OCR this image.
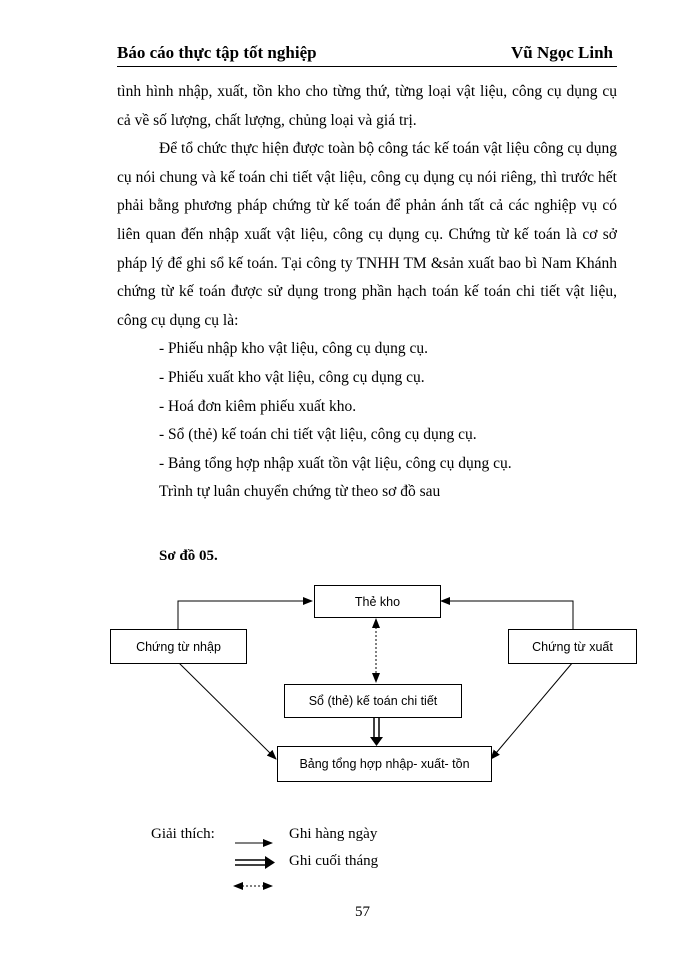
Báo cáo thực tập tốt nghiệp	Vũ Ngọc Linh

tình hình nhập, xuất, tồn kho cho từng thứ, từng loại vật liệu, công cụ dụng cụ cả về số lượng, chất lượng, chủng loại và giá trị.

Để tổ chức thực hiện được toàn bộ công tác kế toán vật liệu công cụ dụng cụ nói chung và kế toán chi tiết vật liệu, công cụ dụng cụ nói riêng, thì trước hết phải bằng phương pháp chứng từ kế toán để phản ánh tất cả các nghiệp vụ có liên quan đến nhập xuất vật liệu, công cụ dụng cụ. Chứng từ kế toán là cơ sở pháp lý để ghi sổ kế toán. Tại công ty TNHH TM &sản xuất bao bì Nam Khánh chứng từ kế toán được sử dụng trong phần hạch toán kế toán chi tiết vật liệu, công cụ dụng cụ là:

- Phiếu nhập kho vật liệu, công cụ dụng cụ.

- Phiếu xuất kho vật liệu, công cụ dụng cụ.

- Hoá đơn kiêm phiếu xuất kho.

- Sổ (thẻ) kế toán chi tiết vật liệu, công cụ dụng cụ.

- Bảng tổng hợp nhập xuất tồn vật liệu, công cụ dụng cụ.

Trình tự luân chuyển chứng từ theo sơ đồ sau

Sơ đồ 05.
Thẻ kho
Chứng từ nhập	Chứng từ xuất
Sổ (thẻ) kế toán chi tiết
Bảng tổng hợp nhập- xuất- tồn
Giải thích:	Ghi hàng ngày
Ghi cuối tháng
57
